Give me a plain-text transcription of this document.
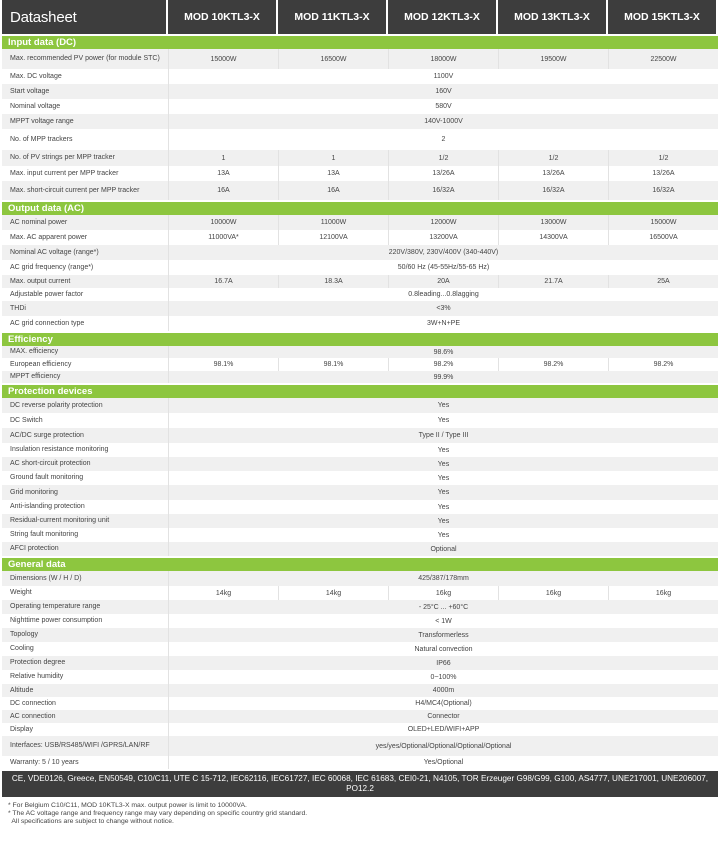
Datasheet	MOD 10KTL3-X	MOD 11KTL3-X	MOD 12KTL3-X	MOD 13KTL3-X	MOD 15KTL3-X
Input data (DC)					
Max. recommended PV power (for module STC)	15000W	16500W	18000W	19500W	22500W
Max. DC voltage	1100V				
Start voltage	160V				
Nominal voltage	580V				
MPPT voltage range	140V-1000V				
No. of MPP trackers	2				
No. of PV strings per MPP tracker	1	1	1/2	1/2	1/2
Max. input current per MPP tracker	13A	13A	13/26A	13/26A	13/26A
Max. short-circuit current per MPP tracker	16A	16A	16/32A	16/32A	16/32A
Output data (AC)					
AC nominal power	10000W	11000W	12000W	13000W	15000W
Max. AC apparent power	11000VA*	12100VA	13200VA	14300VA	16500VA
Nominal AC voltage (range*)	220V/380V, 230V/400V (340-440V)				
AC grid frequency (range*)	50/60 Hz (45-55Hz/55-65 Hz)				
Max. output current	16.7A	18.3A	20A	21.7A	25A
Adjustable power factor	0.8leading...0.8lagging				
THDi	<3%				
AC grid connection type	3W+N+PE				
Efficiency					
MAX. efficiency	98.6%				
European efficiency	98.1%	98.1%	98.2%	98.2%	98.2%
MPPT efficiency	99.9%				
Protection devices					
DC reverse polarity protection	Yes				
DC Switch	Yes				
AC/DC surge protection	Type II / Type III				
Insulation resistance monitoring	Yes				
AC short-circuit protection	Yes				
Ground fault monitoring	Yes				
Grid monitoring	Yes				
Anti-islanding protection	Yes				
Residual-current monitoring unit	Yes				
String fault monitoring	Yes				
AFCI protection	Optional				
General data					
Dimensions (W / H / D)	425/387/178mm				
Weight	14kg	14kg	16kg	16kg	16kg
Operating temperature range	- 25°C ... +60°C				
Nighttime power consumption	< 1W				
Topology	Transformerless				
Cooling	Natural convection				
Protection degree	IP66				
Relative humidity	0~100%				
Altitude	4000m				
DC connection	H4/MC4(Optional)				
AC connection	Connector				
Display	OLED+LED/WIFI+APP				
Interfaces: USB/RS485/WIFI /GPRS/LAN/RF	yes/yes/Optional/Optional/Optional/Optional				
Warranty: 5 / 10 years	Yes/Optional				
CE, VDE0126, Greece, EN50549, C10/C11, UTE C 15-712, IEC62116, IEC61727, IEC 60068, IEC 61683, CEI0-21, N4105, TOR Erzeuger G98/G99, G100, AS4777, UNE217001, UNE206007, PO12.2
* For Belgium C10/C11, MOD 10KTL3-X max. output power is limit to 10000VA.
* The AC voltage range and frequency range may vary depending on specific country grid standard.
All specifications are subject to change without notice.
